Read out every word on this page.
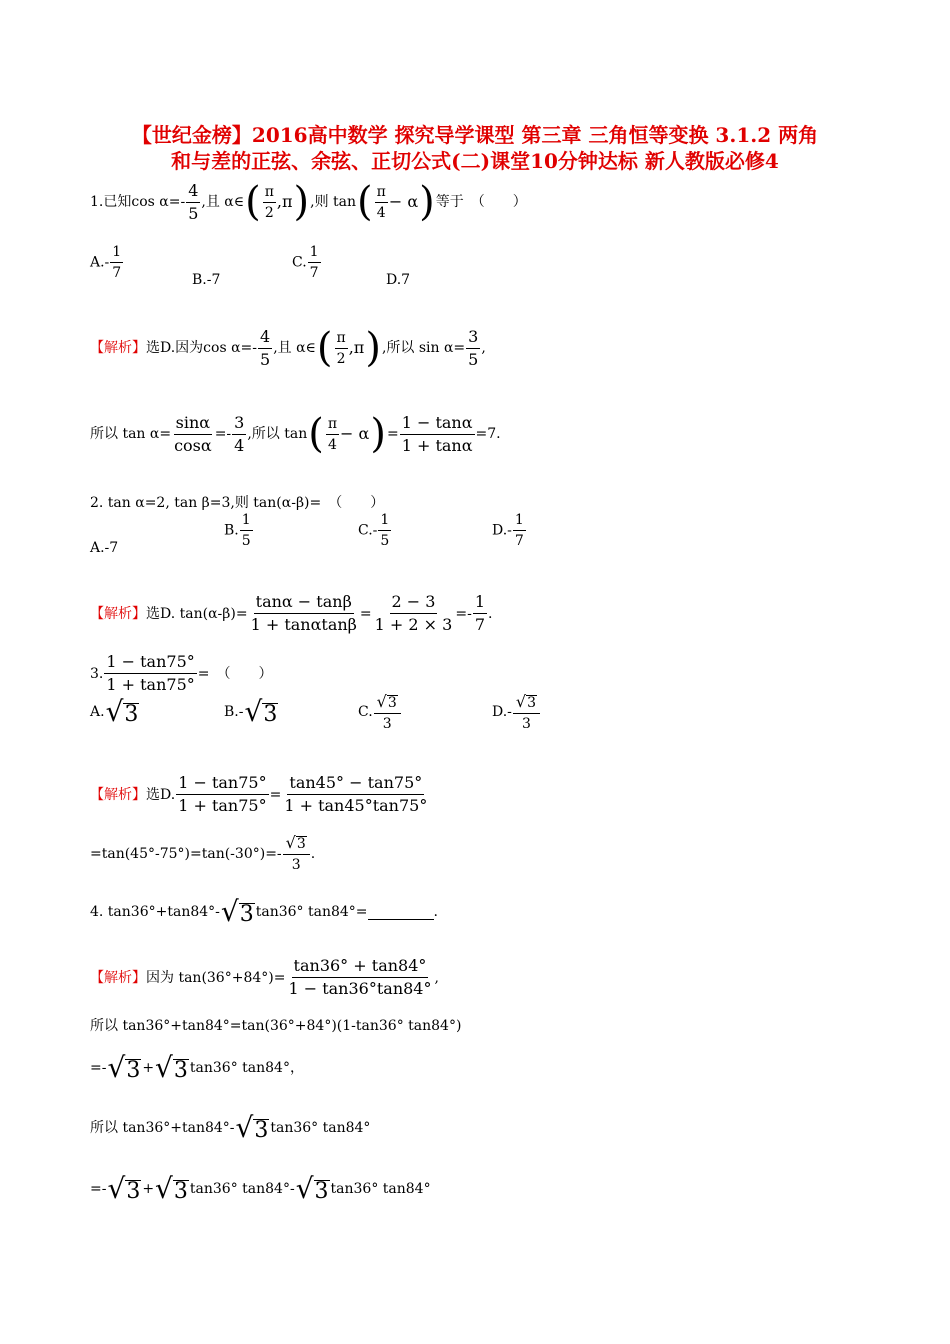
【世纪金榜】2016高中数学 探究导学课型 第三章 三角恒等变换 3.1.2 两角
和与差的正弦、余弦、正切公式(二)课堂10分钟达标 新人教版必修4
1.已知$\cos \alpha=- \frac{4}{5}$ ,且 α∈ ( $\frac{\pi}{2} ,\pi$ ) ,则 tan ( $\frac{\pi}{4} - \alpha$ ) 等于　（　　）
$A.- \frac{1}{7}$
B.-7
C. $\frac{1}{7}$
D.7
【解析】 选D.因为$\cos \alpha=- \frac{4}{5}$ ,且 α∈ ( $\frac{\pi}{2} ,\pi$ ) ,所以 $\sin \alpha= \frac{3}{5}$ ,
所以 $\tan \alpha= \frac{\sin\alpha}{\cos\alpha} =- \frac{3}{4}$ ,所以 tan ( $\frac{\pi}{4} - \alpha$ ) = $\frac{1 - \tan\alpha}{1 + \tan\alpha} =7$.
2. tan α=2, tan β=3,则 tan(α-β)=　（　　）
A.-7
B. $\frac{1}{5}$	$C.- \frac{1}{5}$	$D.- \frac{1}{7}$
【解析】 选D. $\tan(\alpha-\beta)= \frac{\tan\alpha - \tan\beta}{1 + \tan\alpha\tan\beta} = \frac{2 - 3}{1 + 2 \times 3} =- \frac{1}{7}$ .
3. $\frac{1 - \tan 75^\circ}{1 + \tan 75^\circ}$ =　（　　）
A. √ 3	B.- √ 3	C. $\frac{√ 3}{3}$	$D.- \frac{√ 3}{3}$
【解析】 选D. $\frac{1 - \tan 75^\circ}{1 + \tan 75^\circ} = \frac{\tan 45^\circ - \tan 75^\circ}{1 + \tan 45^\circ\tan 75^\circ}$
$=\tan(45^\circ-75^\circ)=\tan(-30^\circ)=- \frac{√ 3}{3}$ .
4. tan36°+tan84°- √ 3 tan36° tan84°=	.
【解析】 因为 $\tan(36^\circ+84^\circ)= \frac{\tan 36^\circ + \tan 84^\circ}{1 - \tan 36^\circ\tan 84^\circ}$ ,
所以 tan36°+tan84°=tan(36°+84°)(1-tan36° tan84°)
=- √ 3 + √ 3 tan36° tan84°，
所以 tan36°+tan84°- √ 3 tan36° tan84°
=- √ 3 + √ 3 tan36° tan84°- √ 3 tan36° tan84°
